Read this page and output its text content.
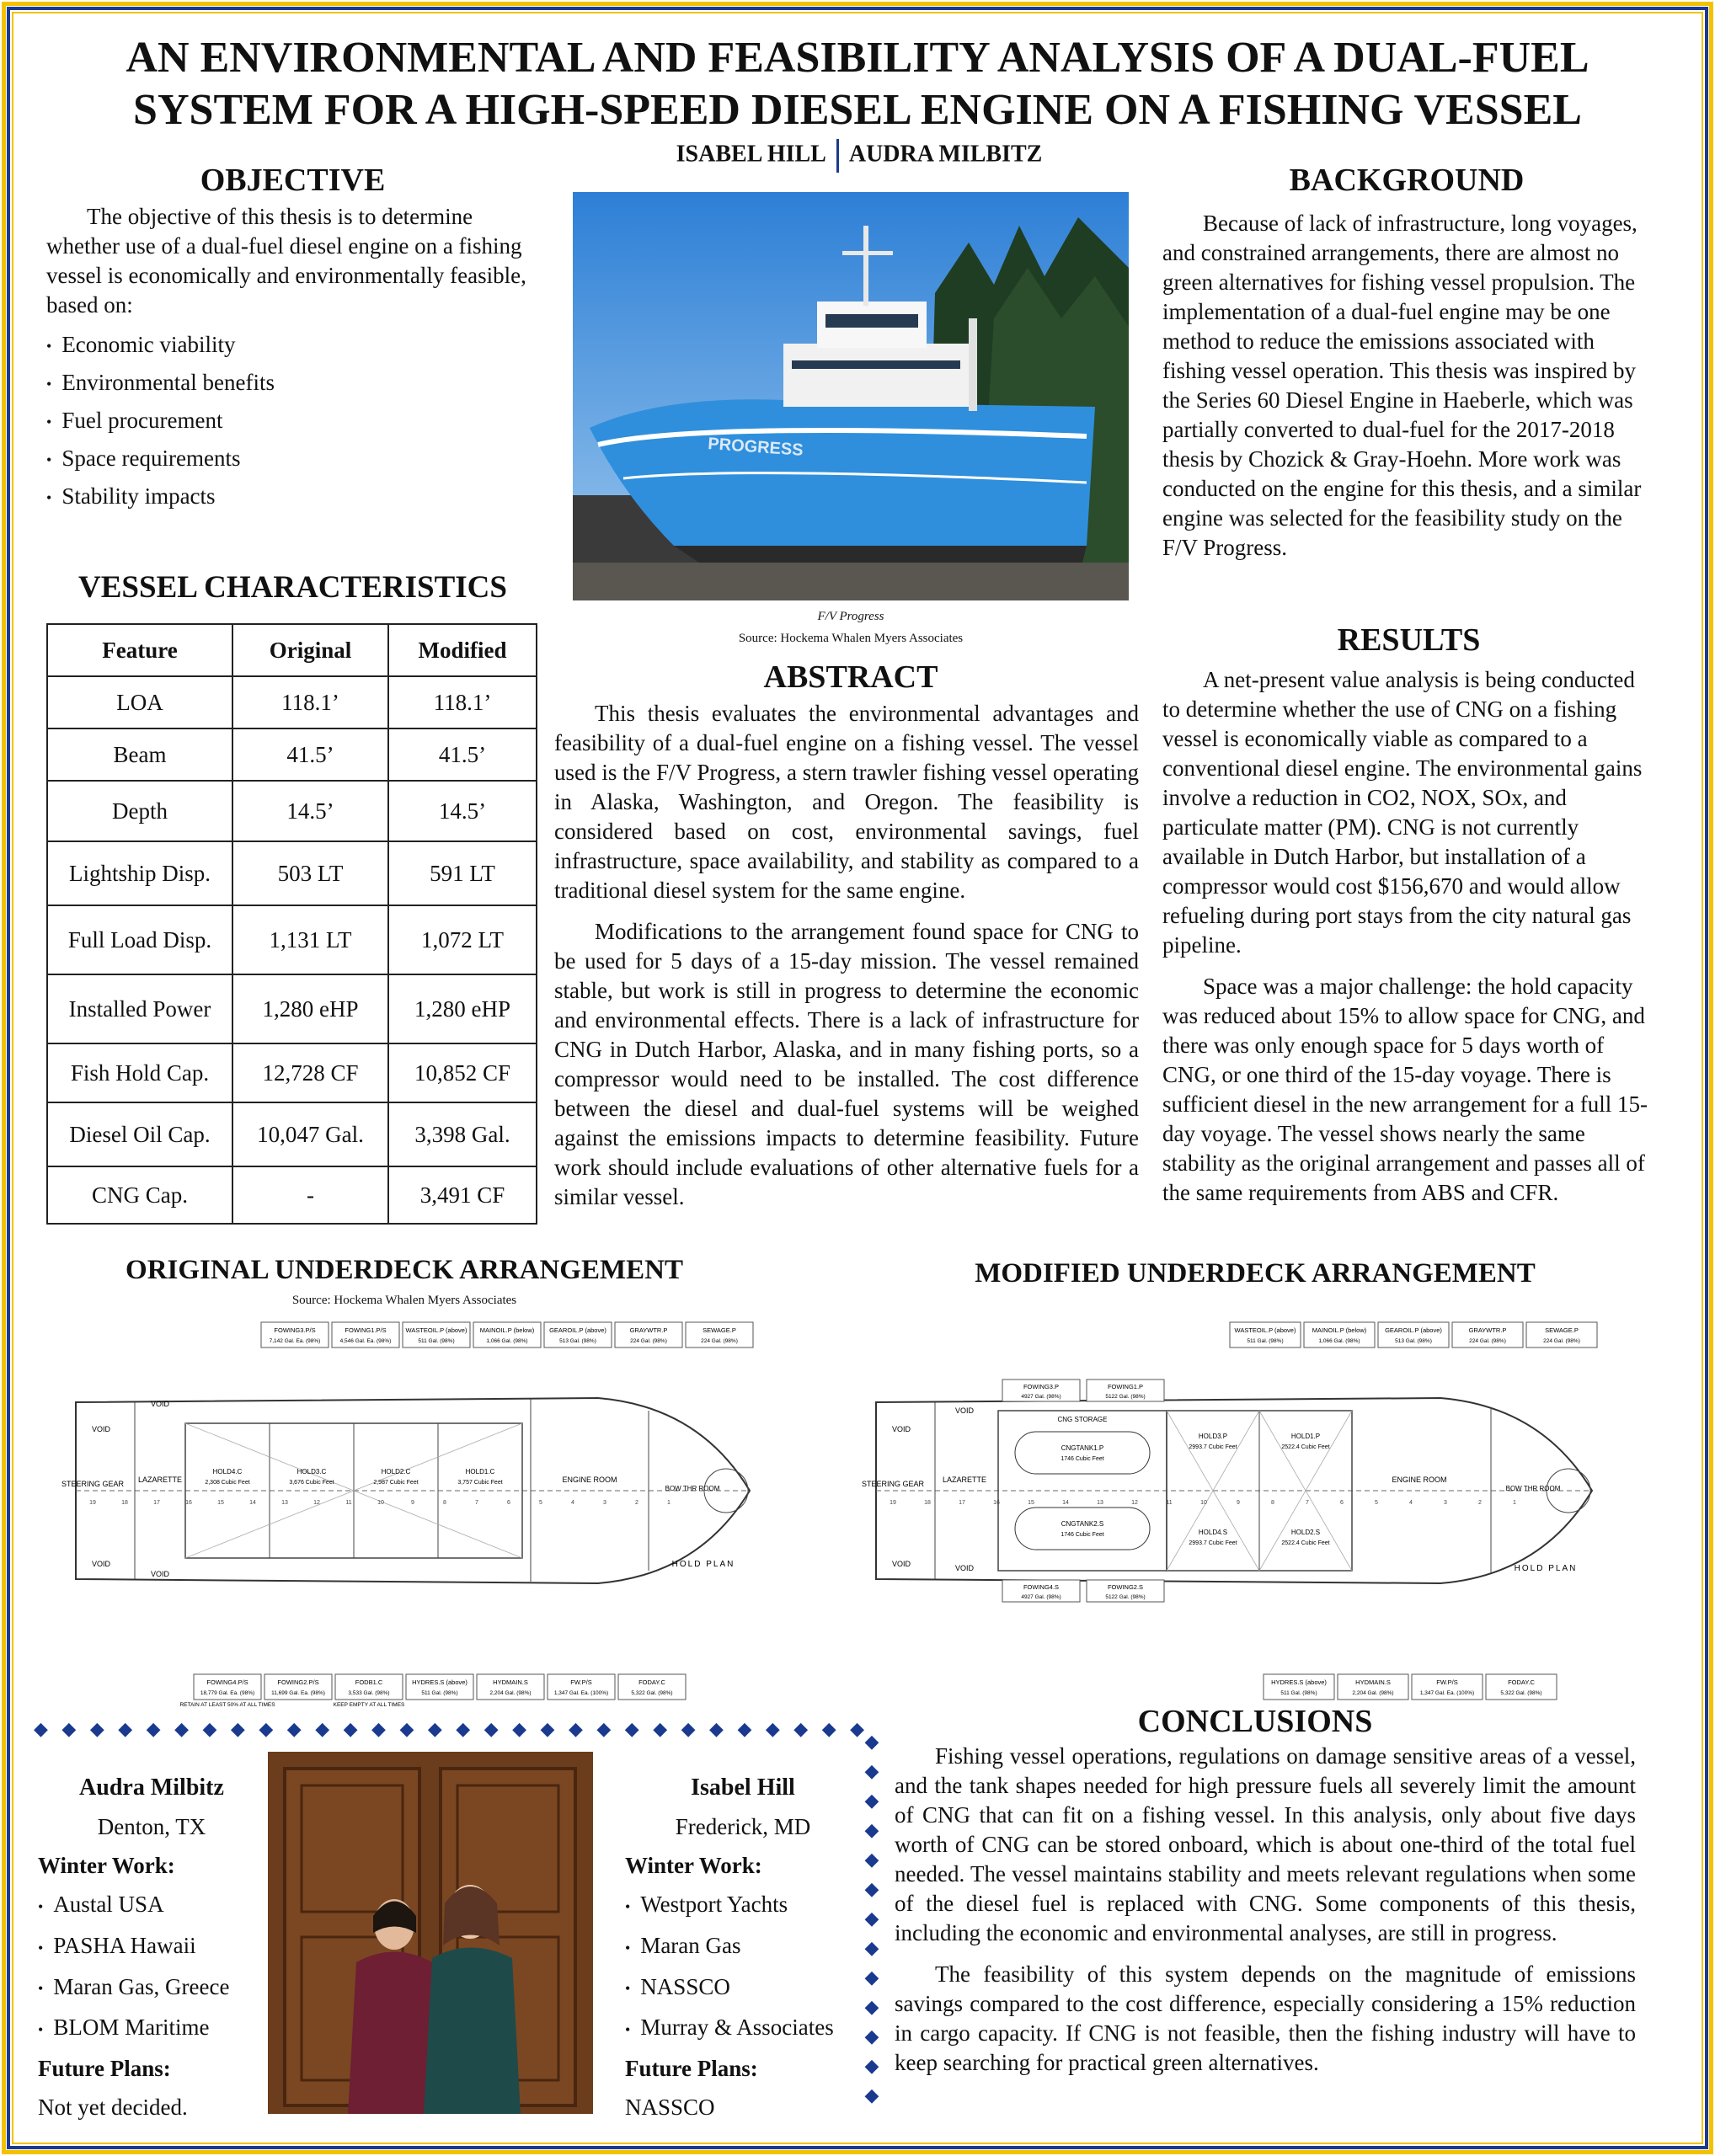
AN ENVIRONMENTAL AND FEASIBILITY ANALYSIS OF A DUAL-FUEL SYSTEM FOR A HIGH-SPEED DIESEL ENGINE ON A FISHING VESSEL
ISABEL HILL AUDRA MILBITZ
OBJECTIVE

The objective of this thesis is to determine whether use of a dual-fuel diesel engine on a fishing vessel is economically and environmentally feasible, based on:

• Economic viability
• Environmental benefits
• Fuel procurement
• Space requirements
• Stability impacts
VESSEL CHARACTERISTICS
Feature	Original	Modified
LOA	118.1’	118.1’
Beam	41.5’	41.5’
Depth	14.5’	14.5’
Lightship Disp.	503 LT	591 LT
Full Load Disp.	1,131 LT	1,072 LT
Installed Power	1,280 eHP	1,280 eHP
Fish Hold Cap.	12,728 CF	10,852 CF
Diesel Oil Cap.	10,047 Gal.	3,398 Gal.
CNG Cap.	-	3,491 CF
PROGRESS
F/V Progress
Source: Hockema Whalen Myers Associates
ABSTRACT

This thesis evaluates the environmental advantages and feasibility of a dual-fuel engine on a fishing vessel. The vessel used is the F/V Progress, a stern trawler fishing vessel operating in Alaska, Washington, and Oregon. The feasibility is considered based on cost, environmental savings, fuel infrastructure, space availability, and stability as compared to a traditional diesel system for the same engine.

Modifications to the arrangement found space for CNG to be used for 5 days of a 15-day mission. The vessel remained stable, but work is still in progress to determine the economic and environmental effects. There is a lack of infrastructure for CNG in Dutch Harbor, Alaska, and in many fishing ports, so a compressor would need to be installed. The cost difference between the diesel and dual-fuel systems will be weighed against the emissions impacts to determine feasibility. Future work should include evaluations of other alternative fuels for a similar vessel.

BACKGROUND

Because of lack of infrastructure, long voyages, and constrained arrangements, there are almost no green alternatives for fishing vessel propulsion. The implementation of a dual-fuel engine may be one method to reduce the emissions associated with fishing vessel operation. This thesis was inspired by the Series 60 Diesel Engine in Haeberle, which was partially converted to dual-fuel for the 2017-2018 thesis by Chozick & Gray-Hoehn. More work was conducted on the engine for this thesis, and a similar engine was selected for the feasibility study on the F/V Progress.

RESULTS

A net-present value analysis is being conducted to determine whether the use of CNG on a fishing vessel is economically viable as compared to a conventional diesel engine. The environmental gains involve a reduction in CO2, NOX, SOx, and particulate matter (PM). CNG is not currently available in Dutch Harbor, but installation of a compressor would cost $156,670 and would allow refueling during port stays from the city natural gas pipeline.

Space was a major challenge: the hold capacity was reduced about 15% to allow space for CNG, and there was only enough space for 5 days worth of CNG, or one third of the 15-day voyage. There is sufficient diesel in the new arrangement for a full 15-day voyage. The vessel shows nearly the same stability as the original arrangement and passes all of the same requirements from ABS and CFR.

ORIGINAL UNDERDECK ARRANGEMENT
Source: Hockema Whalen Myers Associates
FOWING3.P/S
7,142 Gal. Ea. (98%)
FOWING1.P/S
4,546 Gal. Ea. (98%)
WASTEOIL.P (above)
511 Gal. (98%)
MAINOIL.P (below)
1,066 Gal. (98%)
GEAROIL.P (above)
513 Gal. (98%)
GRAYWTR.P
224 Gal. (98%)
SEWAGE.P
224 Gal. (98%)
FOWING4.P/S
18,779 Gal. Ea. (98%)
FOWING2.P/S
11,699 Gal. Ea. (98%)
FODB1.C
3,533 Gal. (98%)
HYDRES.S (above)
511 Gal. (98%)
HYDMAIN.S
2,204 Gal. (98%)
FW.P/S
1,347 Gal. Ea. (100%)
FODAY.C
5,322 Gal. (98%)
RETAIN AT LEAST 50% AT ALL TIMES	KEEP EMPTY AT ALL TIMES
HOLD4.C
2,308 Cubic Feet
HOLD3.C
3,676 Cubic Feet
HOLD2.C
2,987 Cubic Feet
HOLD1.C
3,757 Cubic Feet
19	18	17	16	15	14	13	12	11	10	9	8	7	6	5	4	3	2	1
VOID
VOID
STEERING GEAR LAZARETTE
VOID
VOID
ENGINE ROOM
BOW THR ROOM
HOLD PLAN
MODIFIED UNDERDECK ARRANGEMENT
WASTEOIL.P (above)
511 Gal. (98%)
MAINOIL.P (below)
1,066 Gal. (98%)
GEAROIL.P (above)
513 Gal. (98%)
GRAYWTR.P
224 Gal. (98%)
SEWAGE.P
224 Gal. (98%)
HYDRES.S (above)
511 Gal. (98%)
HYDMAIN.S
2,204 Gal. (98%)
FW.P/S
1,347 Gal. Ea. (100%)
FODAY.C
5,322 Gal. (98%)
FOWING3.P
4927 Gal. (98%)
FOWING1.P
5122 Gal. (98%)
FOWING4.S
4927 Gal. (98%)
FOWING2.S
5122 Gal. (98%)
CNG STORAGE
CNGTANK1.P
1746 Cubic Feet
CNGTANK2.S
1746 Cubic Feet
HOLD3.P
2993.7 Cubic Feet
HOLD1.P
2522.4 Cubic Feet
HOLD4.S
2993.7 Cubic Feet
HOLD2.S
2522.4 Cubic Feet
19	18	17	16	15	14	13	12	11	10	9	8	7	6	5	4	3	2	1
VOID
VOID
STEERING GEAR LAZARETTE
VOID
VOID
ENGINE ROOM
BOW THR ROOM
HOLD PLAN
◆   ◆   ◆   ◆   ◆   ◆   ◆   ◆   ◆   ◆   ◆   ◆   ◆   ◆   ◆   ◆   ◆   ◆   ◆   ◆   ◆   ◆   ◆   ◆   ◆   ◆   ◆   ◆   ◆   ◆
◆ ◆ ◆ ◆ ◆ ◆ ◆ ◆ ◆ ◆ ◆ ◆ ◆
Audra Milbitz
Denton, TX
Winter Work:
• Austal USA
• PASHA Hawaii
• Maran Gas, Greece
• BLOM Maritime
Future Plans:
Not yet decided.
Isabel Hill
Frederick, MD
Winter Work:
• Westport Yachts
• Maran Gas
• NASSCO
• Murray & Associates
Future Plans:
NASSCO
CONCLUSIONS

Fishing vessel operations, regulations on damage sensitive areas of a vessel, and the tank shapes needed for high pressure fuels all severely limit the amount of CNG that can fit on a fishing vessel. In this analysis, only about five days worth of CNG can be stored onboard, which is about one-third of the total fuel needed. The vessel maintains stability and meets relevant regulations when some of the diesel fuel is replaced with CNG. Some components of this thesis, including the economic and environmental analyses, are still in progress.

The feasibility of this system depends on the magnitude of emissions savings compared to the cost difference, especially considering a 15% reduction in cargo capacity. If CNG is not feasible, then the fishing industry will have to keep searching for practical green alternatives.
